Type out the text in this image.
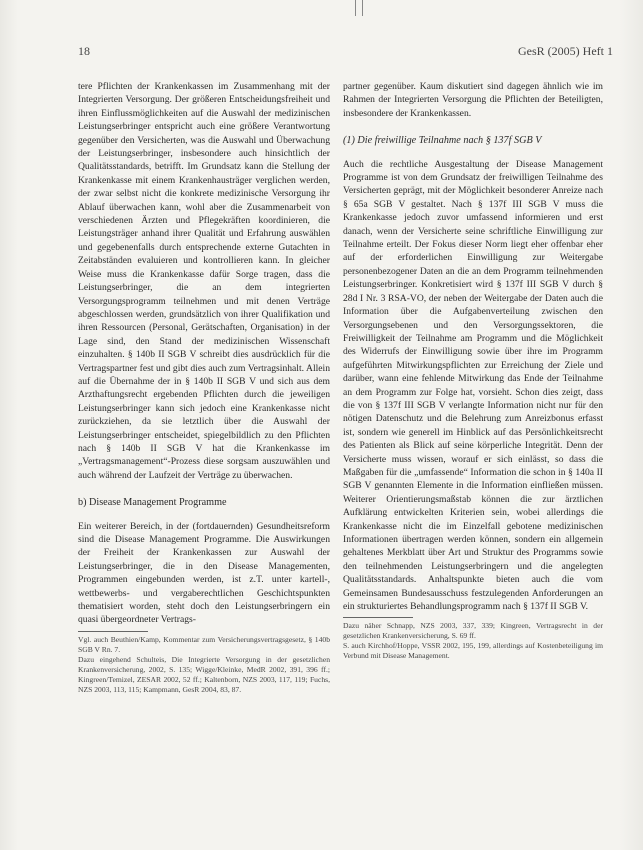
18	GesR (2005) Heft 1

tere Pflichten der Krankenkassen im Zusammenhang mit der Integrierten Versorgung. Der größeren Entscheidungsfreiheit und ihren Einflussmöglichkeiten auf die Auswahl der medizinischen Leistungserbringer entspricht auch eine größere Verantwortung gegenüber den Versicherten, was die Auswahl und Überwachung der Leistungserbringer, insbesondere auch hinsichtlich der Qualitätsstandards, betrifft. Im Grundsatz kann die Stellung der Krankenkasse mit einem Krankenhausträger verglichen werden, der zwar selbst nicht die konkrete medizinische Versorgung ihr Ablauf überwachen kann, wohl aber die Zusammenarbeit von verschiedenen Ärzten und Pflegekräften koordinieren, die Leistungsträger anhand ihrer Qualität und Erfahrung auswählen und gegebenenfalls durch entsprechende externe Gutachten in Zeitabständen evaluieren und kontrollieren kann. In gleicher Weise muss die Krankenkasse dafür Sorge tragen, dass die Leistungserbringer, die an dem integrierten Versorgungsprogramm teilnehmen und mit denen Verträge abgeschlossen werden, grundsätzlich von ihrer Qualifikation und ihren Ressourcen (Personal, Gerätschaften, Organisation) in der Lage sind, den Stand der medizinischen Wissenschaft einzuhalten. § 140b II SGB V schreibt dies ausdrücklich für die Vertragspartner fest und gibt dies auch zum Vertragsinhalt. Allein auf die Übernahme der in § 140b II SGB V und sich aus dem Arzthaftungsrecht ergebenden Pflichten durch die jeweiligen Leistungserbringer kann sich jedoch eine Krankenkasse nicht zurückziehen, da sie letztlich über die Auswahl der Leistungserbringer entscheidet, spiegelbildlich zu den Pflichten nach § 140b II SGB V hat die Krankenkasse im „Vertragsmanagement“-Prozess diese sorgsam auszuwählen und auch während der Laufzeit der Verträge zu überwachen.

b) Disease Management Programme

Ein weiterer Bereich, in der (fortdauernden) Gesundheitsreform sind die Disease Management Programme. Die Auswirkungen der Freiheit der Krankenkassen zur Auswahl der Leistungserbringer, die in den Disease Managementen, Programmen eingebunden werden, ist z.T. unter kartell-, wettbewerbs- und vergaberechtlichen Geschichtspunkten thematisiert worden, steht doch den Leistungserbringern ein quasi übergeordneter Vertrags-

Vgl. auch Beuthien/Kamp, Kommentar zum Versicherungsvertragsgesetz, § 140b SGB V Rn. 7.

Dazu eingehend Schulteis, Die Integrierte Versorgung in der gesetzlichen Krankenversicherung, 2002, S. 135; Wigge/Kleinke, MedR 2002, 391, 396 ff.; Kingreen/Temizel, ZESAR 2002, 52 ff.; Kaltenborn, NZS 2003, 117, 119; Fuchs, NZS 2003, 113, 115; Kampmann, GesR 2004, 83, 87.

partner gegenüber. Kaum diskutiert sind dagegen ähnlich wie im Rahmen der Integrierten Versorgung die Pflichten der Beteiligten, insbesondere der Krankenkassen.

(1) Die freiwillige Teilnahme nach § 137f SGB V

Auch die rechtliche Ausgestaltung der Disease Management Programme ist von dem Grundsatz der freiwilligen Teilnahme des Versicherten geprägt, mit der Möglichkeit besonderer Anreize nach § 65a SGB V gestaltet. Nach § 137f III SGB V muss die Krankenkasse jedoch zuvor umfassend informieren und erst danach, wenn der Versicherte seine schriftliche Einwilligung zur Teilnahme erteilt. Der Fokus dieser Norm liegt eher offenbar eher auf der erforderlichen Einwilligung zur Weitergabe personenbezogener Daten an die an dem Programm teilnehmenden Leistungserbringer. Konkretisiert wird § 137f III SGB V durch § 28d I Nr. 3 RSA-VO, der neben der Weitergabe der Daten auch die Information über die Aufgabenverteilung zwischen den Versorgungsebenen und den Versorgungssektoren, die Freiwilligkeit der Teilnahme am Programm und die Möglichkeit des Widerrufs der Einwilligung sowie über ihre im Programm aufgeführten Mitwirkungspflichten zur Erreichung der Ziele und darüber, wann eine fehlende Mitwirkung das Ende der Teilnahme an dem Programm zur Folge hat, vorsieht. Schon dies zeigt, dass die von § 137f III SGB V verlangte Information nicht nur für den nötigen Datenschutz und die Belehrung zum Anreizbonus erfasst ist, sondern wie generell im Hinblick auf das Persönlichkeitsrecht des Patienten als Blick auf seine körperliche Integrität. Denn der Versicherte muss wissen, worauf er sich einlässt, so dass die Maßgaben für die „umfassende“ Information die schon in § 140a II SGB V genannten Elemente in die Information einfließen müssen. Weiterer Orientierungsmaßstab können die zur ärztlichen Aufklärung entwickelten Kriterien sein, wobei allerdings die Krankenkasse nicht die im Einzelfall gebotene medizinischen Informationen übertragen werden können, sondern ein allgemein gehaltenes Merkblatt über Art und Struktur des Programms sowie den teilnehmenden Leistungserbringern und die angelegten Qualitätsstandards. Anhaltspunkte bieten auch die vom Gemeinsamen Bundesausschuss festzulegenden Anforderungen an ein strukturiertes Behandlungsprogramm nach § 137f II SGB V.

Dazu näher Schnapp, NZS 2003, 337, 339; Kingreen, Vertragsrecht in der gesetzlichen Krankenversicherung, S. 69 ff.

S. auch Kirchhof/Hoppe, VSSR 2002, 195, 199, allerdings auf Kostenbeteiligung im Verbund mit Disease Management.
